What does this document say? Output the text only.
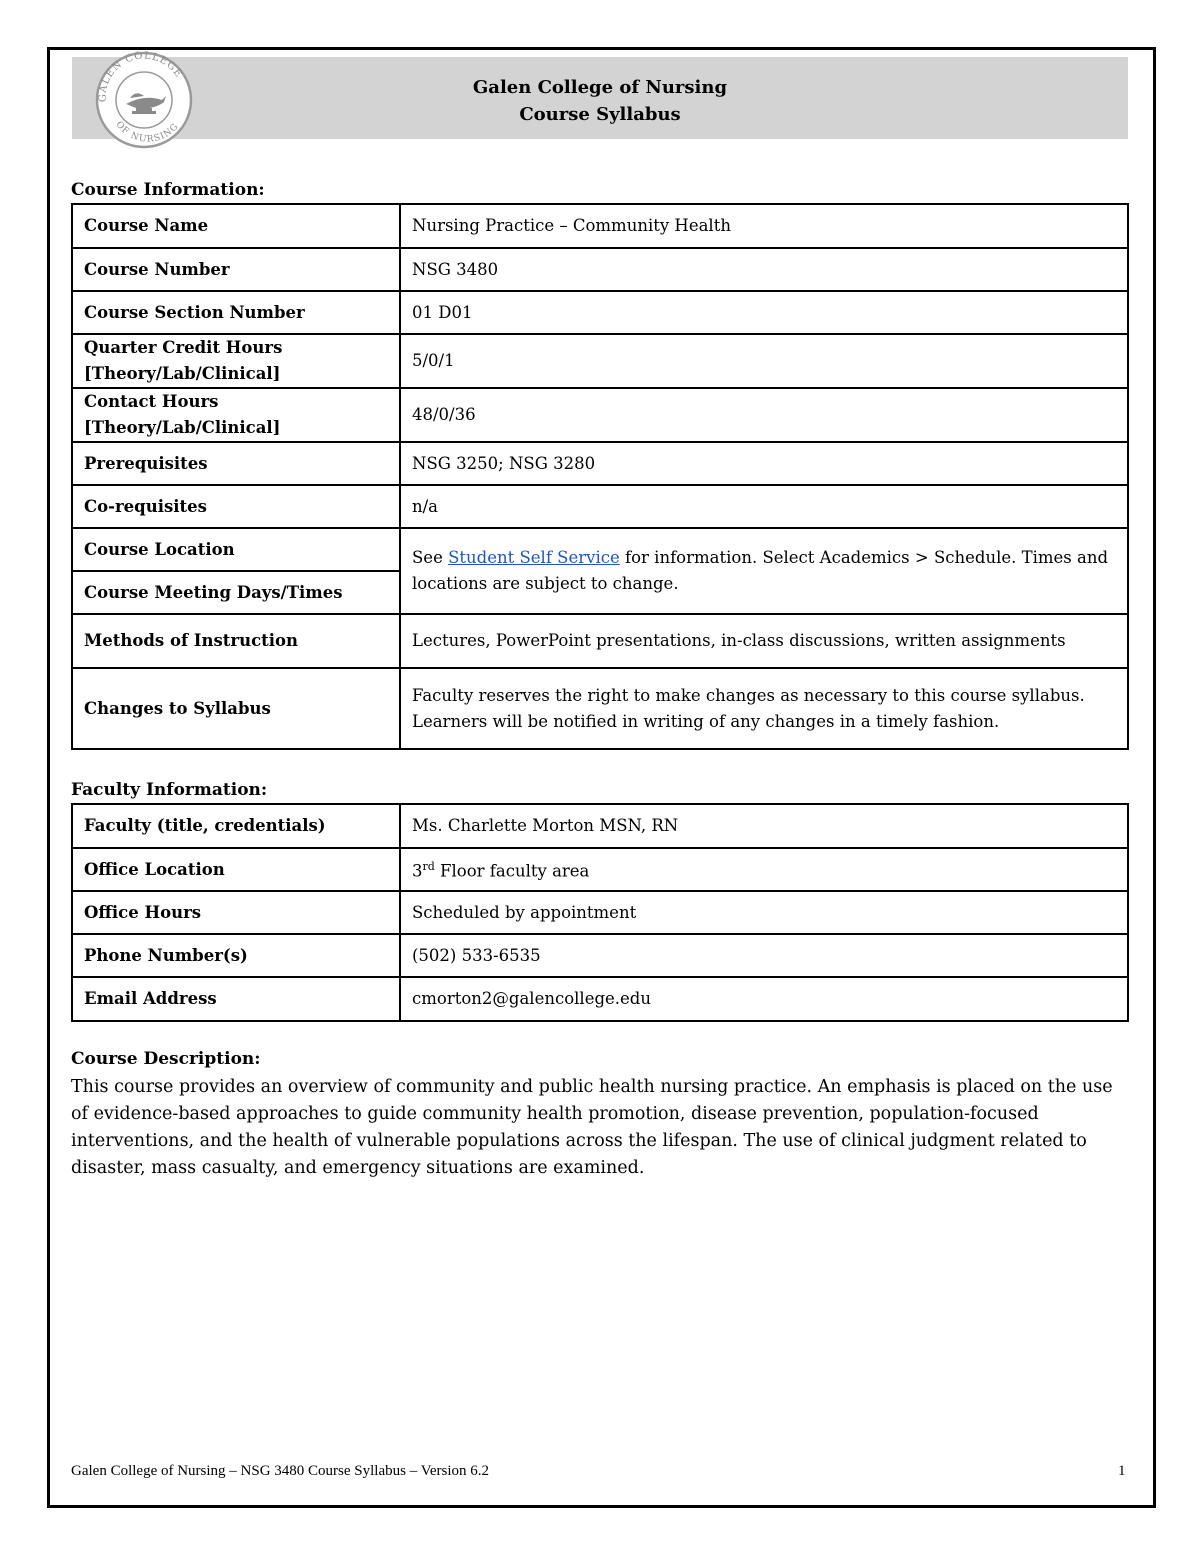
GALEN COLLEGE
OF NURSING
Galen College of Nursing
Course Syllabus
Course Information:
Course Name	Nursing Practice – Community Health
Course Number	NSG 3480
Course Section Number	01 D01
Quarter Credit Hours [Theory/Lab/Clinical]	5/0/1
Contact Hours [Theory/Lab/Clinical]	48/0/36
Prerequisites	NSG 3250; NSG 3280
Co-requisites	n/a
Course Location	See Student Self Service for information. Select Academics > Schedule. Times and locations are subject to change.
Course Meeting Days/Times	
Methods of Instruction	Lectures, PowerPoint presentations, in-class discussions, written assignments
Changes to Syllabus	Faculty reserves the right to make changes as necessary to this course syllabus. Learners will be notified in writing of any changes in a timely fashion.
Faculty Information:
Faculty (title, credentials)	Ms. Charlette Morton MSN, RN
Office Location	3rd Floor faculty area
Office Hours	Scheduled by appointment
Phone Number(s)	(502) 533-6535
Email Address	cmorton2@galencollege.edu
Course Description:

This course provides an overview of community and public health nursing practice. An emphasis is placed on the use of evidence-based approaches to guide community health promotion, disease prevention, population-focused interventions, and the health of vulnerable populations across the lifespan. The use of clinical judgment related to disaster, mass casualty, and emergency situations are examined.

Galen College of Nursing – NSG 3480 Course Syllabus – Version 6.2	1
